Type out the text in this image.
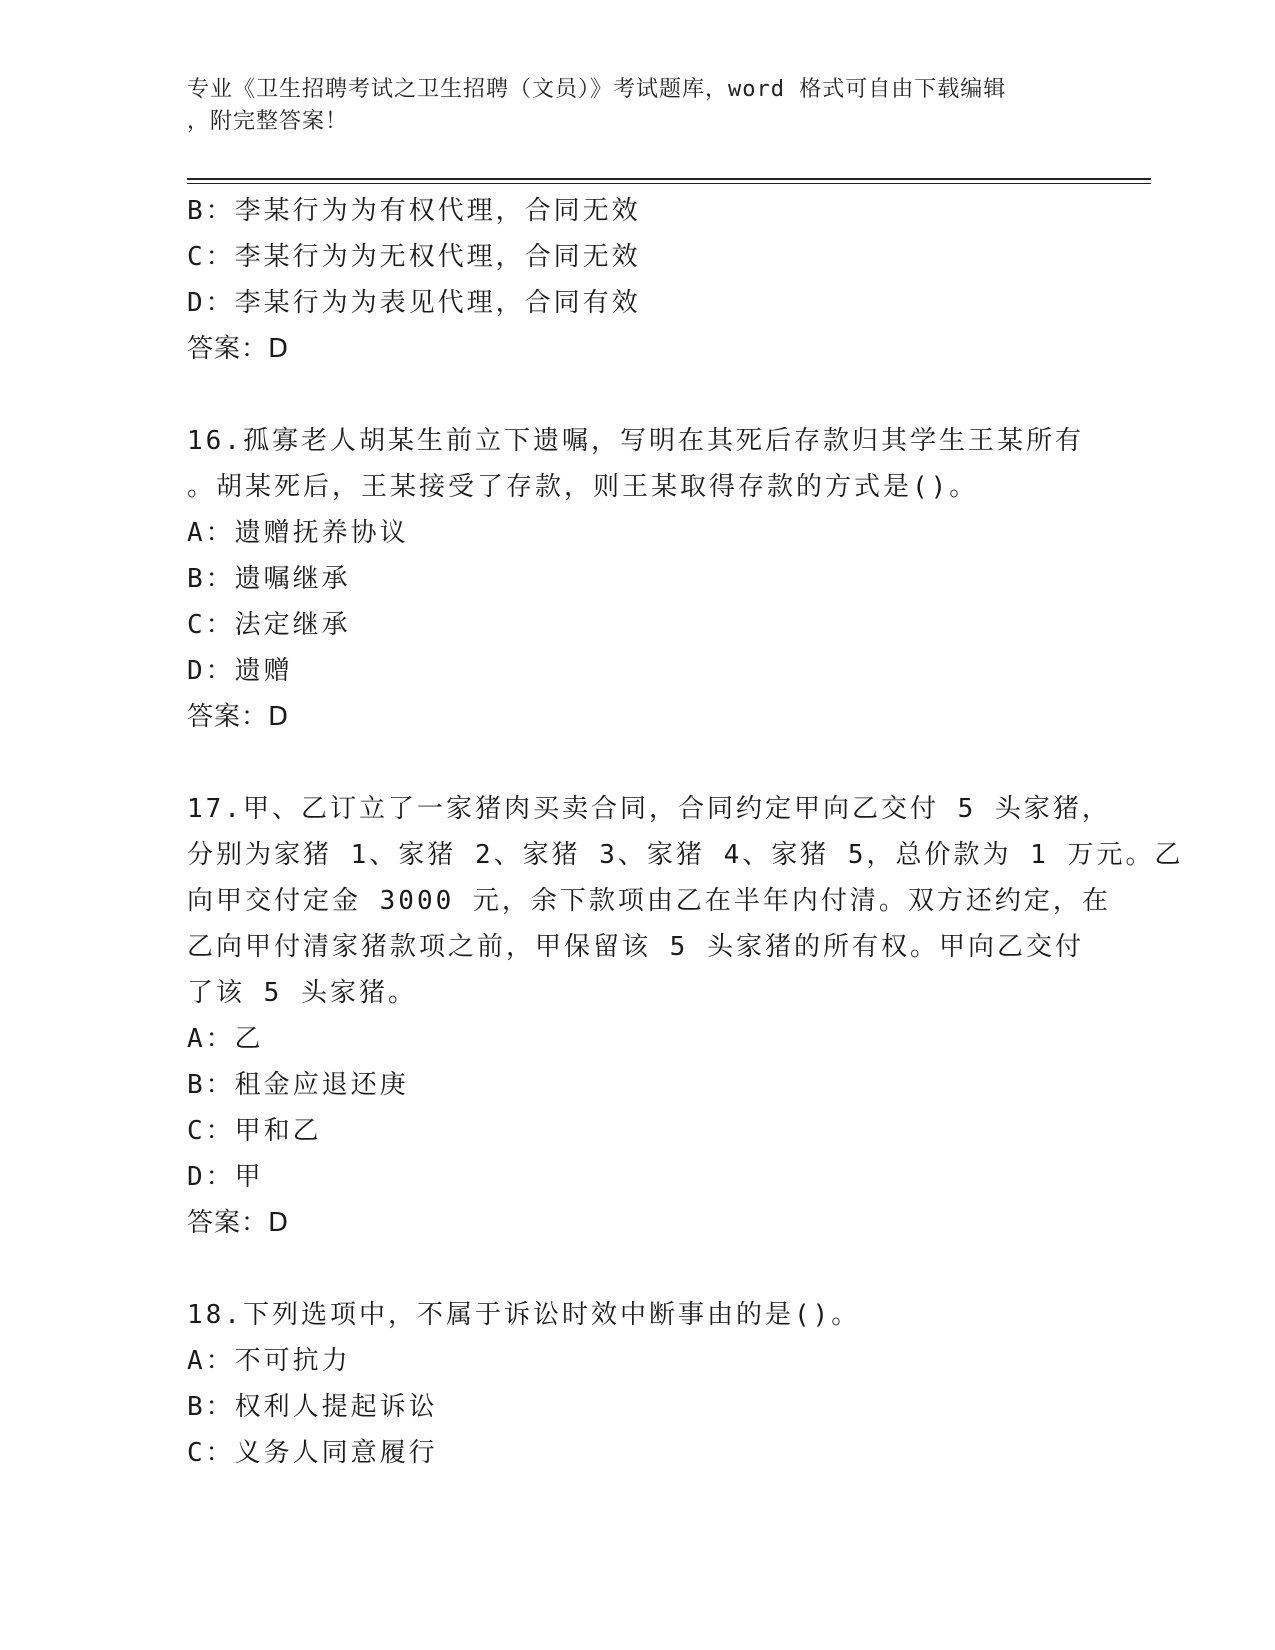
专业《卫生招聘考试之卫生招聘（文员）》考试题库，word 格式可自由下载编辑
，附完整答案！
B：李某行为为有权代理，合同无效
C：李某行为为无权代理，合同无效
D：李某行为为表见代理，合同有效
答案：D
16.孤寡老人胡某生前立下遗嘱，写明在其死后存款归其学生王某所有
。胡某死后，王某接受了存款，则王某取得存款的方式是()。
A：遗赠抚养协议
B：遗嘱继承
C：法定继承
D：遗赠
答案：D
17.甲、乙订立了一家猪肉买卖合同，合同约定甲向乙交付 5 头家猪，
分别为家猪 1、家猪 2、家猪 3、家猪 4、家猪 5，总价款为 1 万元。乙
向甲交付定金 3000 元，余下款项由乙在半年内付清。双方还约定，在
乙向甲付清家猪款项之前，甲保留该 5 头家猪的所有权。甲向乙交付
了该 5 头家猪。
A：乙
B：租金应退还庚
C：甲和乙
D：甲
答案：D
18.下列选项中，不属于诉讼时效中断事由的是()。
A：不可抗力
B：权利人提起诉讼
C：义务人同意履行
